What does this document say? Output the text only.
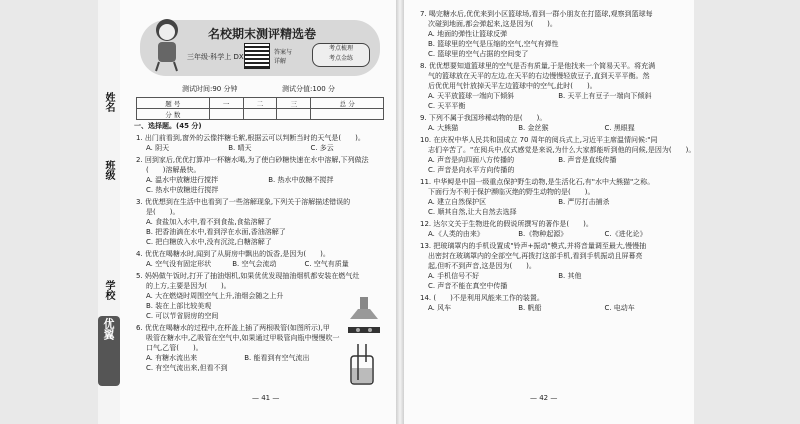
姓名
班级
学校
优翼
名校期末测评精选卷
三年级·科学上 DX
答案与
详解
考点梳理
考点金练
测试时间:90 分钟	测试分值:100 分
题 号	一	二	三	总 分
分 数				
一、选择题。(45 分)
1. 出门前看到,窗外的云像拌糖毛絮,根据云可以判断当时的天气是(　　)。
A. 阴天	B. 晴天	C. 多云
2. 回到家后,优优打算冲一杯糖水喝,为了使白砂糖快速在水中溶解,下列做法
(　　)溶解最快。
A. 温水中放糖进行搅拌	B. 热水中放糖不搅拌
C. 热水中放糖进行搅拌
3. 优优想到在生活中也看到了一些溶解现象,下列关于溶解描述错误的
是(　　)。
A. 食盐加入水中,看不到食盐,食盐溶解了
B. 把香油滴在水中,看到浮在水面,香油溶解了
C. 把白糖放入水中,没有沉淀,白糖溶解了
4. 优优在喝糖水时,闻到了从厨房中飘出的饭香,是因为(　　)。
A. 空气没有固定形状	B. 空气会流动	C. 空气有质量
5. 妈妈做午饭时,打开了抽油烟机,如果优优发现抽油烟机都安装在燃气灶
的上方,主要是因为(　　)。
A. 大在燃烧时周围空气上升,油烟会随之上升
B. 装在上部比较美观
C. 可以节省厨房的空间
6. 优优在喝糖水的过程中,在杯盖上插了两根吸管(如图所示),甲
吸管在糖水中,乙吸管在空气中,如果通过甲吸管向瓶中慢慢吹一
口气,乙管(　　)。
A. 有糖水流出来	B. 能看到有空气流出
C. 有空气流出来,但看不到
— 41 —
7. 喝完糖水后,优优来到小区篮球场,看到一群小朋友在打篮球,观察到篮球每
次碰到地面,都会弹起来,这是因为(　　)。
A. 地面的弹性让篮球反弹
B. 篮球里的空气是压缩的空气,空气有弹性
C. 篮球里的空气占据的空间变了
8. 优优想要知道篮球里的空气是否有质量,于是他找来一个简易天平。将充满
气的篮球放在天平的左边,在天平的右边慢慢轻放豆子,直到天平平衡。然
后优优用气针放掉天平左边篮球中的空气,此时(　　)。
A. 天平放篮球一端向下倾斜	B. 天平上有豆子一端向下倾斜
C. 天平平衡
9. 下列不属于我国珍稀动物的是(　　)。
A. 大熊猫	B. 金丝猴	C. 黑眼猩
10. 在庆祝中华人民共和国成立 70 周年的阅兵式上,习近平主席温情问候:"同
志们辛苦了。"在阅兵中,仪式感觉是来说,为什么大家都能听到他的问候,是因为(　　)。
A. 声音是向四面八方传播的	B. 声音是直线传播
C. 声音是向水平方向传播的
11. 中华鲟是中国一级重点保护野生动物,是生活化石,有"水中大熊猫"之称。
下面行为不利于保护濒临灭绝的野生动物的是(　　)。
A. 建立自然保护区	B. 严厉打击捕杀
C. 顺其自然,让大自然去选择
12. 达尔文关于生物进化的假说所撰写的著作是(　　)。
A.《人类的由来》	B.《物种起源》	C.《进化论》
13. 把玻璃罩内的手机设置成"铃声+振动"模式,并将音量调至最大,慢慢抽
出密封在玻璃罩内的全部空气,再拨打这部手机,看到手机振动且屏幕亮
起,但听不到声音,这是因为(　　)。
A. 手机信号不好	B. 其他
C. 声音不能在真空中传播
14. (　　)不是利用风能来工作的装置。
A. 风车	B. 帆船	C. 电动车
— 42 —
